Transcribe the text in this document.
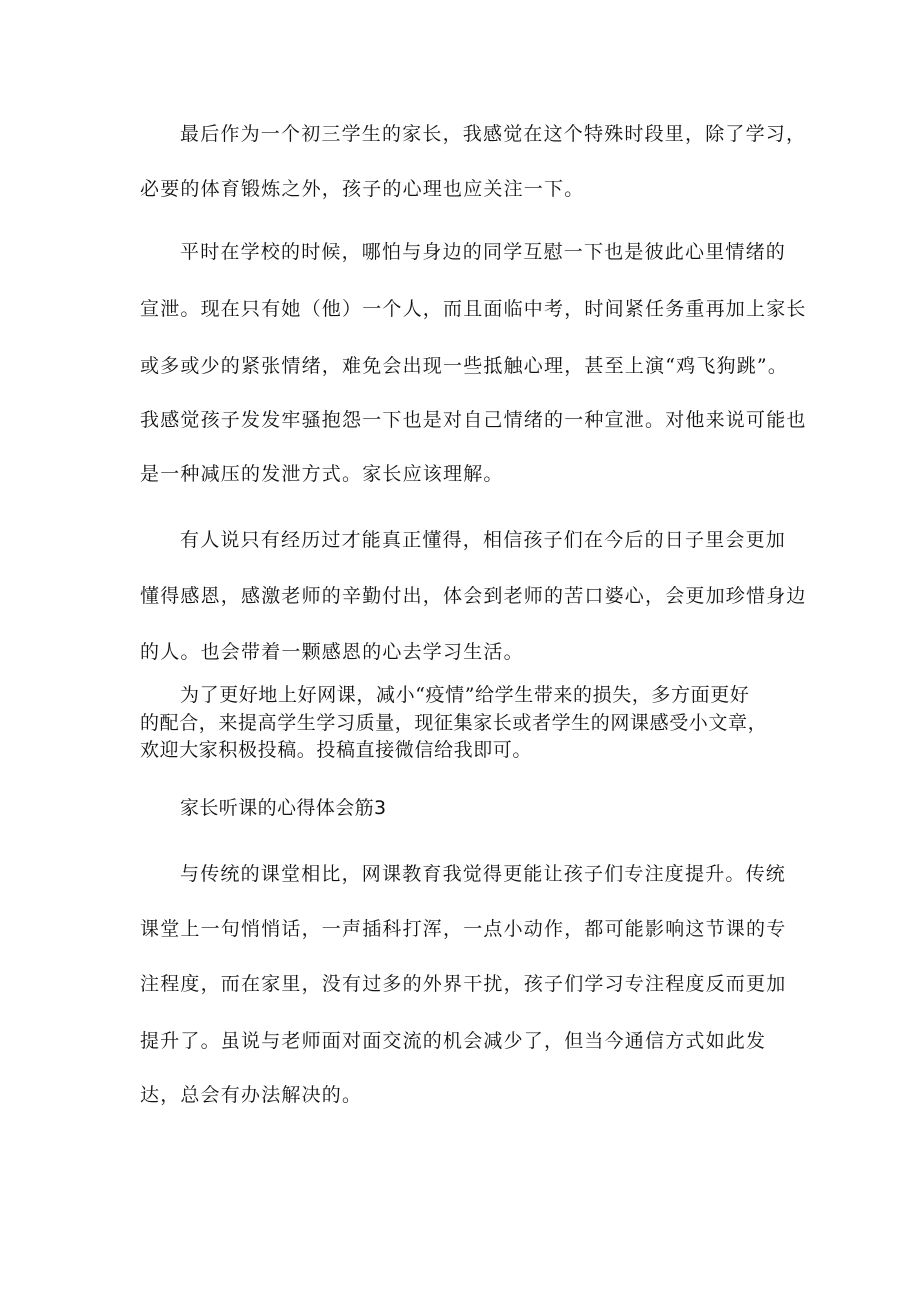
最后作为一个初三学生的家长，我感觉在这个特殊时段里，除了学习，
必要的体育锻炼之外，孩子的心理也应关注一下。
平时在学校的时候，哪怕与身边的同学互慰一下也是彼此心里情绪的
宣泄。现在只有她（他）一个人，而且面临中考，时间紧任务重再加上家长
或多或少的紧张情绪，难免会出现一些抵触心理，甚至上演“鸡飞狗跳”。
我感觉孩子发发牢骚抱怨一下也是对自己情绪的一种宣泄。对他来说可能也
是一种减压的发泄方式。家长应该理解。
有人说只有经历过才能真正懂得，相信孩子们在今后的日子里会更加
懂得感恩，感激老师的辛勤付出，体会到老师的苦口婆心，会更加珍惜身边
的人。也会带着一颗感恩的心去学习生活。
为了更好地上好网课，减小“疫情”给学生带来的损失，多方面更好
的配合，来提高学生学习质量，现征集家长或者学生的网课感受小文章，
欢迎大家积极投稿。投稿直接微信给我即可。
家长听课的心得体会筋3
与传统的课堂相比，网课教育我觉得更能让孩子们专注度提升。传统
课堂上一句悄悄话，一声插科打浑，一点小动作，都可能影响这节课的专
注程度，而在家里，没有过多的外界干扰，孩子们学习专注程度反而更加
提升了。虽说与老师面对面交流的机会减少了，但当今通信方式如此发
达，总会有办法解决的。
